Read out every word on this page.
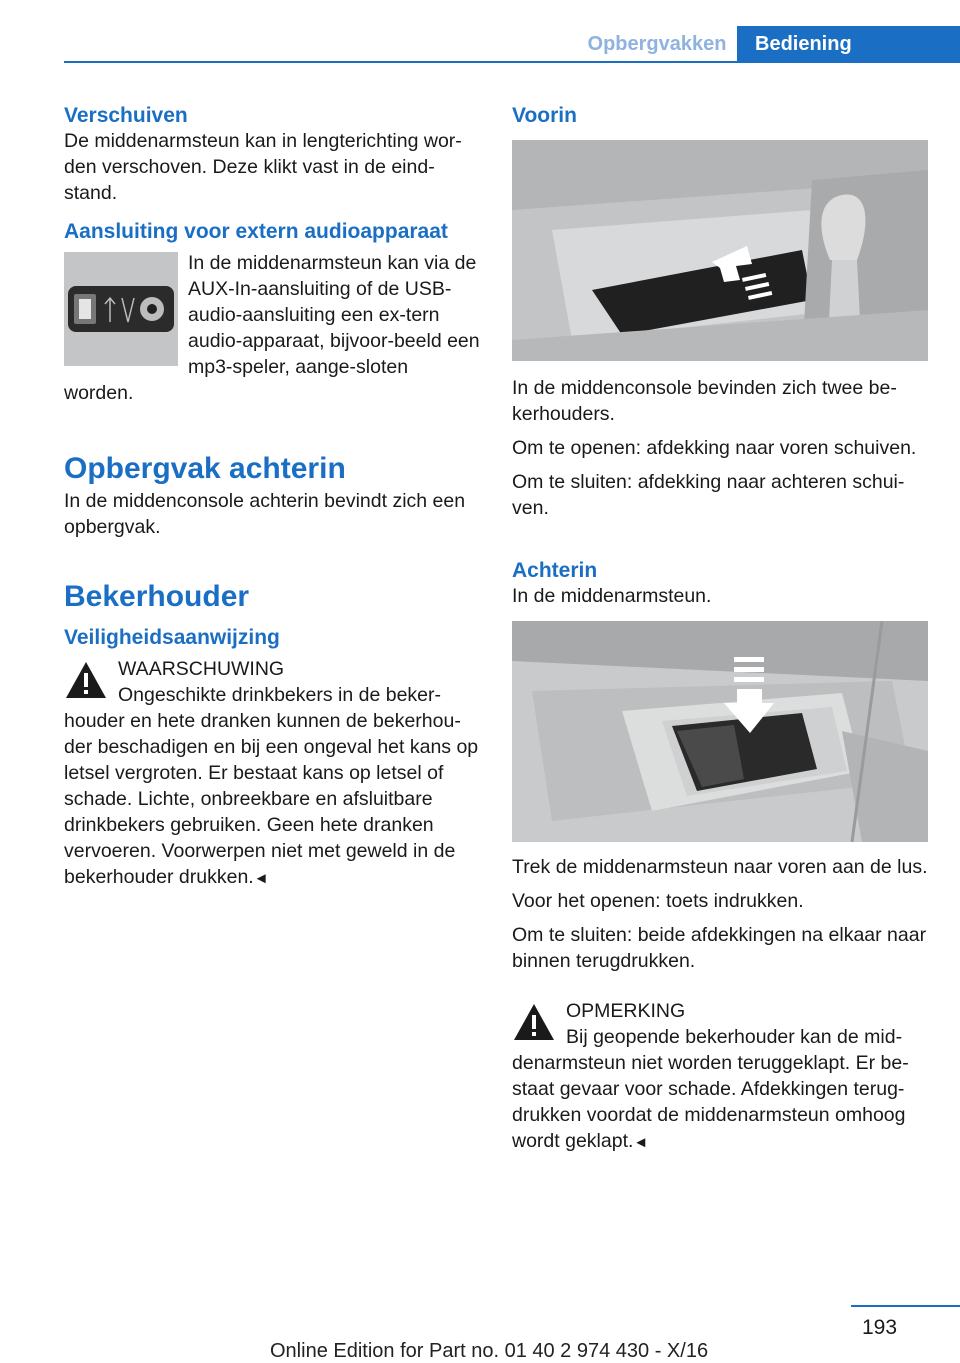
Opbergvakken	Bediening
Verschuiven

De middenarmsteun kan in lengterichting wor-den verschoven. Deze klikt vast in de eind-stand.

Aansluiting voor extern audioapparaat

In de middenarmsteun kan via de AUX-In-aansluiting of de USB-audio-aansluiting een ex-tern audio-apparaat, bijvoor-beeld een mp3-speler, aange-sloten worden.

Opbergvak achterin

In de middenconsole achterin bevindt zich een opbergvak.

Bekerhouder
Veiligheidsaanwijzing

WAARSCHUWING

Ongeschikte drinkbekers in de beker-houder en hete dranken kunnen de bekerhou-der beschadigen en bij een ongeval het kans op letsel vergroten. Er bestaat kans op letsel of schade. Lichte, onbreekbare en afsluitbare drinkbekers gebruiken. Geen hete dranken vervoeren. Voorwerpen niet met geweld in de bekerhouder drukken.◄

Voorin

In de middenconsole bevinden zich twee be-kerhouders.

Om te openen: afdekking naar voren schuiven.

Om te sluiten: afdekking naar achteren schui-ven.

Achterin

In de middenarmsteun.

Trek de middenarmsteun naar voren aan de lus.

Voor het openen: toets indrukken.

Om te sluiten: beide afdekkingen na elkaar naar binnen terugdrukken.

OPMERKING

Bij geopende bekerhouder kan de mid-denarmsteun niet worden teruggeklapt. Er be-staat gevaar voor schade. Afdekkingen terug-drukken voordat de middenarmsteun omhoog wordt geklapt.◄

193
Online Edition for Part no. 01 40 2 974 430 - X/16
